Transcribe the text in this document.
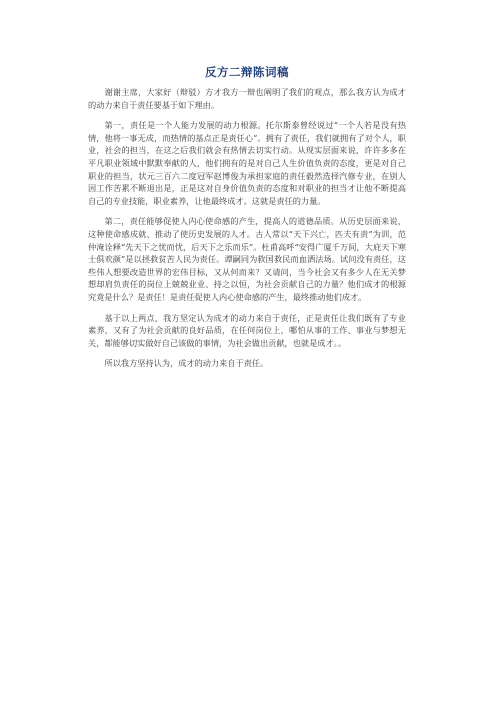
反方二辩陈词稿

谢谢主席，大家好（辩驳）方才我方一辩也阐明了我们的观点，那么我方认为成才的动力来自于责任要基于如下理由。

第一，责任是一个人能力发展的动力根源。托尔斯泰曾经说过“一个人若是没有热情，他将一事无成，而热情的基点正是责任心”。拥有了责任，我们就拥有了对个人，职业，社会的担当，在这之后我们就会有热情去切实行动。从现实层面来说，许许多多在平凡职业领域中默默奉献的人，他们拥有的是对自己人生价值负责的态度，更是对自己职业的担当，状元三百六二度冠军赵博俊为承担家庭的责任毅然选择汽修专业，在别人因工作苦累不断退出是，正是这对自身价值负责的态度和对职业的担当才让他不断提高自己的专业技能，职业素养，让他最终成才。这就是责任的力量。

第二，责任能够促使人内心使命感的产生，提高人的道德品质。从历史层面来说，这种使命感成就、推动了使历史发展的人才。古人常以“天下兴亡，匹夫有责”为训，范仲淹诠释“先天下之忧而忧，后天下之乐而乐”。杜甫高呼“安得广厦千万间，大庇天下寒士俱欢颜”是以拯救贫苦人民为责任。谭嗣同为救国救民而血洒法场。试问没有责任，这些伟人想要改造世界的宏伟目标，又从何而来？又请问，当今社会又有多少人在无关梦想却肩负责任的岗位上兢兢业业、持之以恒，为社会贡献自己的力量？他们成才的根源究竟是什么？是责任！是责任促使人内心使命感的产生，最终推动他们成才。

基于以上两点，我方坚定认为成才的动力来自于责任，正是责任让我们既有了专业素养，又有了为社会贡献的良好品质，在任何岗位上，哪怕从事的工作、事业与梦想无关，都能够切实做好自己该做的事情，为社会做出贡献，也就是成才。。

所以我方坚持认为，成才的动力来自于责任。
